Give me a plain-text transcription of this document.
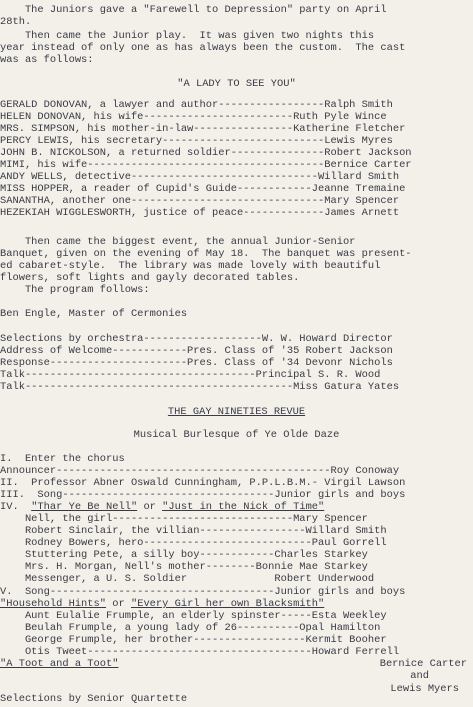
The Juniors gave a "Farewell to Depression" party on April
28th.
Then came the Junior play.  It was given two nights this
year instead of only one as has always been the custom.  The cast
was as follows:
"A LADY TO SEE YOU"
GERALD DONOVAN, a lawyer and author-----------------Ralph Smith
HELEN DONOVAN, his wife------------------------Ruth Pyle Wince
MRS. SIMPSON, his mother-in-law----------------Katherine Fletcher
PERCY LEWIS, his secretary--------------------------Lewis Myres
JOHN B. NICKOLSON, a returned soldier---------------Robert Jackson
MIMI, his wife--------------------------------------Bernice Carter
ANDY WELLS, detective------------------------------Willard Smith
MISS HOPPER, a reader of Cupid's Guide------------Jeanne Tremaine
SANANTHA, another one-------------------------------Mary Spencer
HEZEKIAH WIGGLESWORTH, justice of peace-------------James Arnett
Then came the biggest event, the annual Junior-Senior
Banquet, given on the evening of May 18.  The banquet was present-
ed cabaret-style.  The library was made lovely with beautiful
flowers, soft lights and gayly decorated tables.
The program follows:
Ben Engle, Master of Cermonies
Selections by orchestra-------------------W. W. Howard Director
Address of Welcome------------Pres. Class of '35 Robert Jackson
Response----------------------Pres. Class of '34 Devonr Nichols
Talk-------------------------------------Principal S. R. Wood
Talk-------------------------------------------Miss Gatura Yates
THE GAY NINETIES REVUE
Musical Burlesque of Ye Olde Daze
I.  Enter the chorus
Announcer--------------------------------------------Roy Conoway
II.  Professor Abner Oswald Cunningham, P.P.L.B.M.- Virgil Lawson
III.  Song----------------------------------Junior girls and boys
IV.  "Thar Ye Be Nell" or "Just in the Nick of Time"
Nell, the girl-----------------------------Mary Spencer
Robert Sinclair, the villian-----------------Willard Smith
Rodney Bowers, hero---------------------------Paul Gorrell
Stuttering Pete, a silly boy------------Charles Starkey
Mrs. H. Morgan, Nell's mother--------Bonnie Mae Starkey
Messenger, a U. S. Soldier              Robert Underwood
V.  Song------------------------------------Junior girls and boys
"Household Hints" or "Every Girl her own Blacksmith"
Aunt Eulalie Frumple, an elderly spinster-----Esta Weekley
Beulah Frumple, a young lady of 26----------Opal Hamilton
George Frumple, her brother------------------Kermit Booher
Otis Tweet------------------------------------Howard Ferrell
"A Toot and a Toot"	Bernice Carter
and
Lewis Myers
Selections by Senior Quartette
